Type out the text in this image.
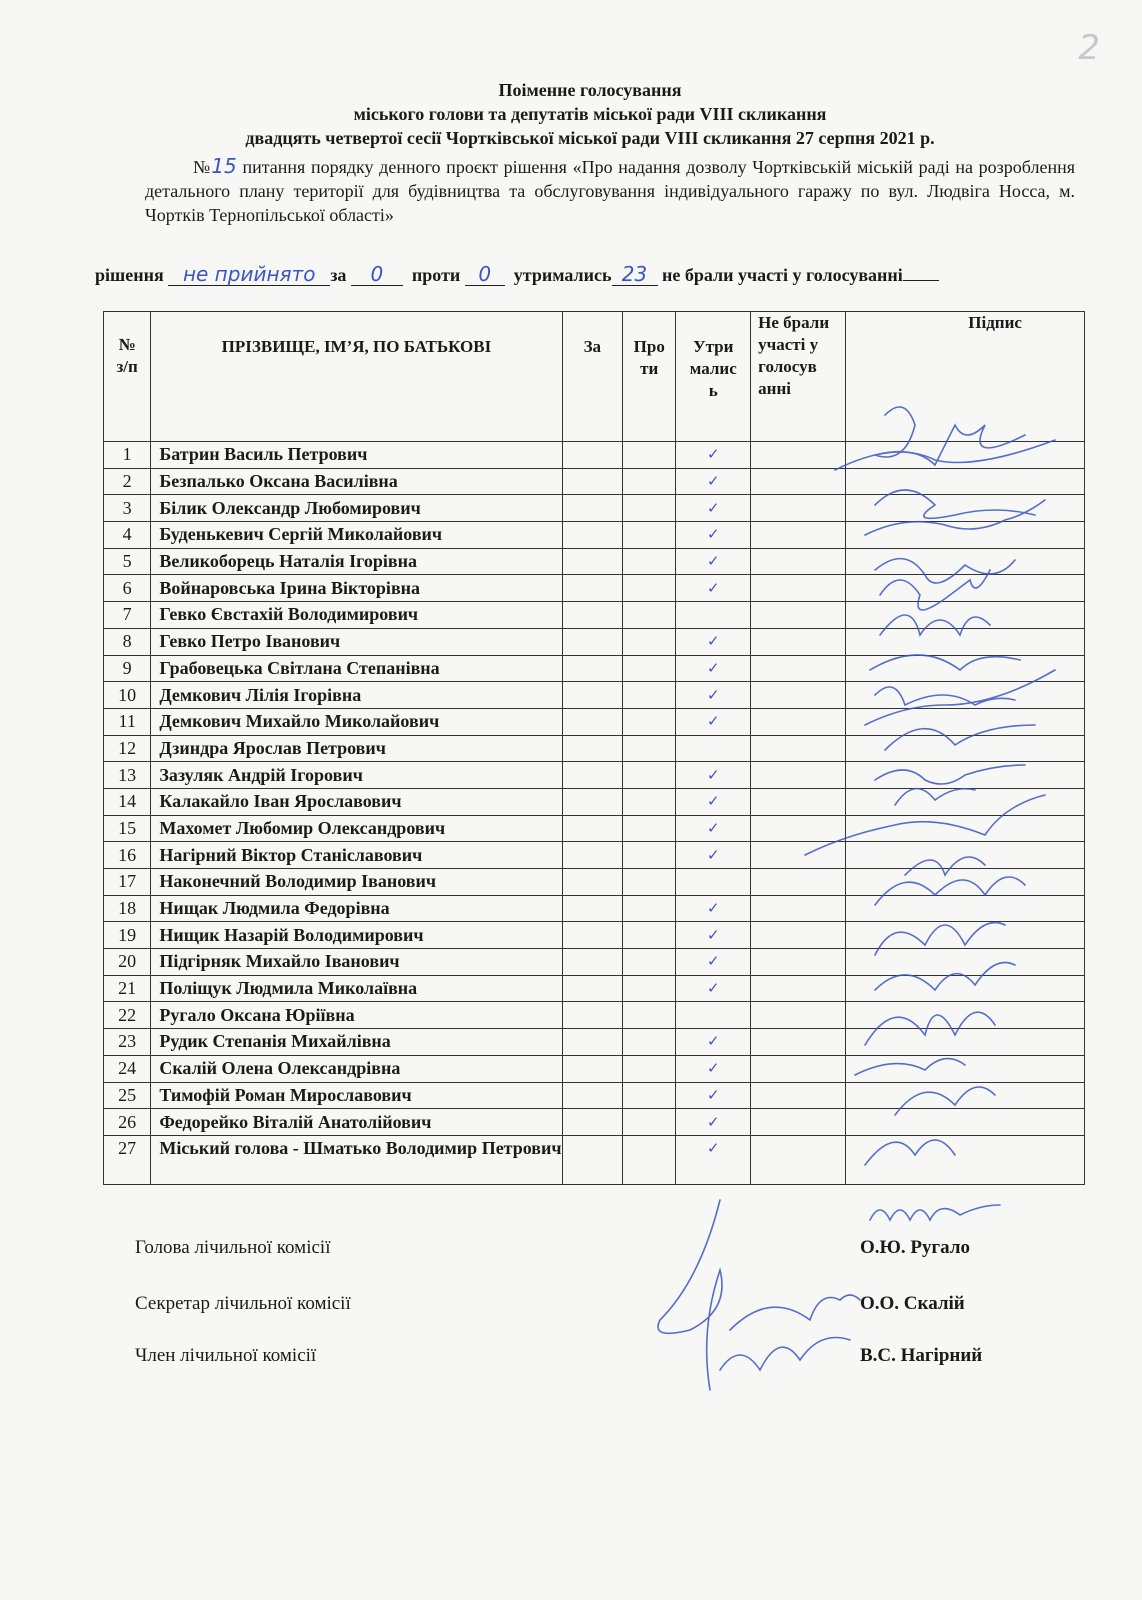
2
Поіменне голосування
міського голови та депутатів міської ради VIII скликання
двадцять четвертої сесії Чортківської міської ради VIII скликання 27 серпня 2021 р.
№15 питання порядку денного проєкт рішення «Про надання дозволу Чортківській міській раді на розроблення детального плану території для будівництва та обслуговування індивідуального гаражу по вул. Людвіга Носса, м. Чортків Тернопільської області»
рішення не прийнято за 0 проти 0 утримались 23 не брали участі у голосуванні
№ з/п	ПРІЗВИЩЕ, ІМ’Я, ПО БАТЬКОВІ	За	Про ти	Утри малис ь	Не брали участі у голосув анні	Підпис

1	Батрин Василь Петрович			✓		
2	Безпалько Оксана Василівна			✓		
3	Білик Олександр Любомирович			✓		
4	Буденькевич Сергій Миколайович			✓		
5	Великоборець Наталія Ігорівна			✓		
6	Войнаровська Ірина Вікторівна			✓		
7	Гевко Євстахій Володимирович					
8	Гевко Петро Іванович			✓		
9	Грабовецька Світлана Степанівна			✓		
10	Демкович Лілія Ігорівна			✓		
11	Демкович Михайло Миколайович			✓		
12	Дзиндра Ярослав Петрович					
13	Зазуляк Андрій Ігорович			✓		
14	Калакайло Іван Ярославович			✓		
15	Махомет Любомир Олександрович			✓		
16	Нагірний Віктор Станіславович			✓		
17	Наконечний Володимир Іванович					
18	Нищак Людмила Федорівна			✓		
19	Нищик Назарій Володимирович			✓		
20	Підгірняк Михайло Іванович			✓		
21	Поліщук Людмила Миколаївна			✓		
22	Ругало Оксана Юріївна					
23	Рудик Степанія Михайлівна			✓		
24	Скалій Олена Олександрівна			✓		
25	Тимофій Роман Мирославович			✓		
26	Федорейко Віталій Анатолійович			✓		
27	Міський голова - Шматько Володимир Петрович			✓		
Голова лічильної комісії	О.Ю. Ругало
Секретар лічильної комісії	О.О. Скалій
Член лічильної комісії	В.С. Нагірний
